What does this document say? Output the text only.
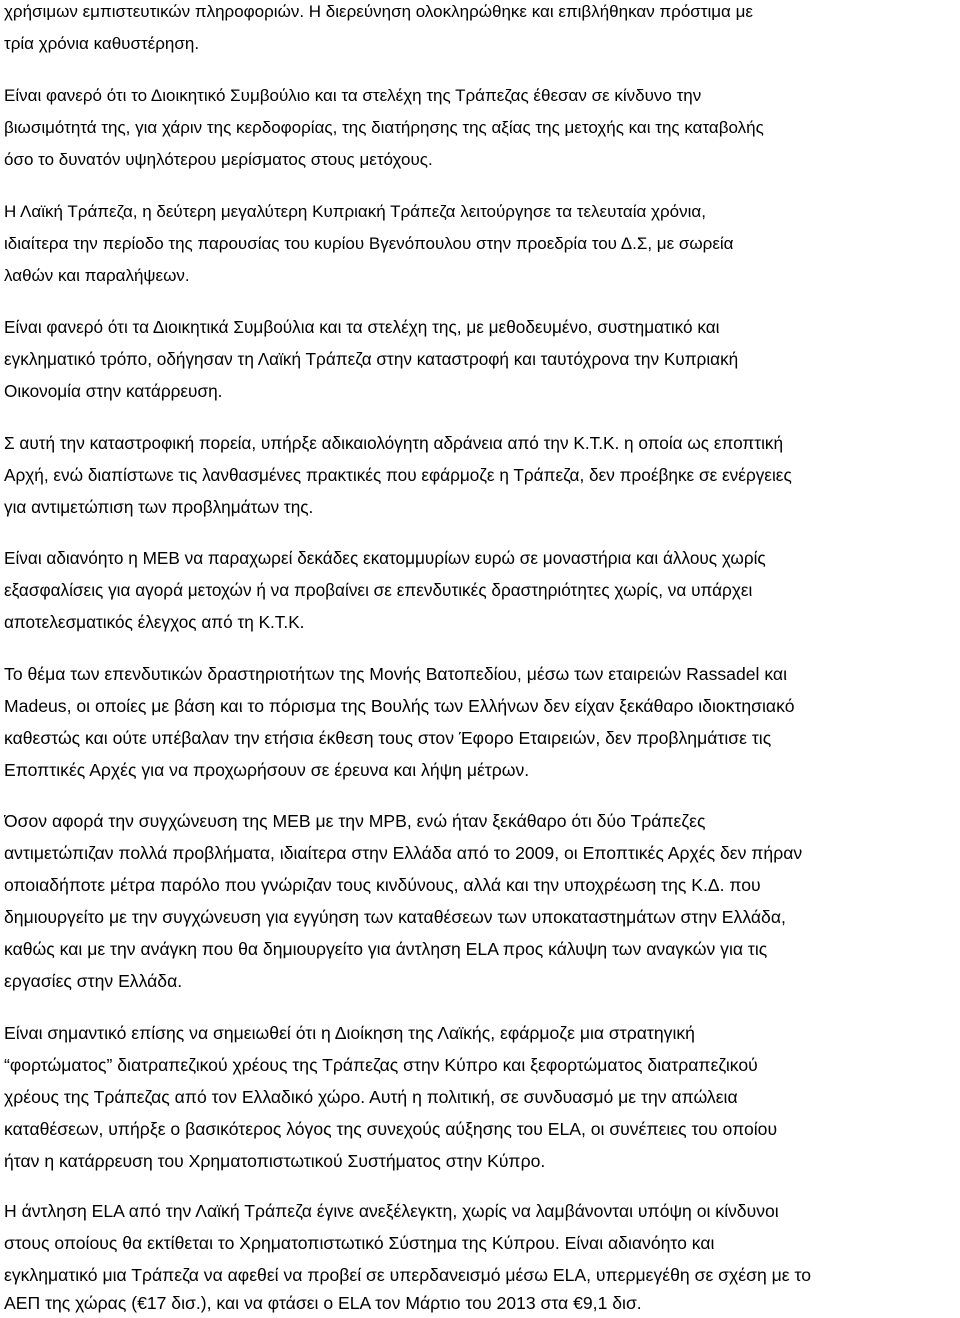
χρήσιμων εμπιστευτικών πληροφοριών. Η διερεύνηση ολοκληρώθηκε και επιβλήθηκαν πρόστιμα με
τρία χρόνια καθυστέρηση.
Είναι φανερό ότι το Διοικητικό Συμβούλιο και τα στελέχη της Τράπεζας έθεσαν σε κίνδυνο την
βιωσιμότητά της, για χάριν της κερδοφορίας, της διατήρησης της αξίας της μετοχής και της καταβολής
όσο το δυνατόν υψηλότερου μερίσματος στους μετόχους.
Η Λαϊκή Τράπεζα, η δεύτερη μεγαλύτερη Κυπριακή Τράπεζα λειτούργησε τα τελευταία χρόνια,
ιδιαίτερα την περίοδο της παρουσίας του κυρίου Βγενόπουλου στην προεδρία του Δ.Σ, με σωρεία
λαθών και παραλήψεων.
Είναι φανερό ότι τα Διοικητικά Συμβούλια και τα στελέχη της, με μεθοδευμένο, συστηματικό και
εγκληματικό τρόπο, οδήγησαν τη Λαϊκή Τράπεζα στην καταστροφή και ταυτόχρονα την Κυπριακή
Οικονομία στην κατάρρευση.
Σ αυτή την καταστροφική πορεία, υπήρξε αδικαιολόγητη αδράνεια από την Κ.Τ.Κ. η οποία ως εποπτική
Αρχή, ενώ διαπίστωνε τις λανθασμένες πρακτικές που εφάρμοζε η Τράπεζα, δεν προέβηκε σε ενέργειες
για αντιμετώπιση των προβλημάτων της.
Είναι αδιανόητο η ΜΕΒ να παραχωρεί δεκάδες εκατομμυρίων ευρώ σε μοναστήρια και άλλους χωρίς
εξασφαλίσεις για αγορά μετοχών ή να προβαίνει σε επενδυτικές δραστηριότητες χωρίς, να υπάρχει
αποτελεσματικός έλεγχος από τη Κ.Τ.Κ.
Το θέμα των επενδυτικών δραστηριοτήτων της Μονής Βατοπεδίου, μέσω των εταιρειών Rassadel και
Madeus, οι οποίες με βάση και το πόρισμα της Βουλής των Ελλήνων δεν είχαν ξεκάθαρο ιδιοκτησιακό
καθεστώς και ούτε υπέβαλαν την ετήσια έκθεση τους στον Έφορο Εταιρειών, δεν προβλημάτισε τις
Εποπτικές Αρχές για να προχωρήσουν σε έρευνα και λήψη μέτρων.
Όσον αφορά την συγχώνευση της ΜΕΒ με την ΜΡΒ, ενώ ήταν ξεκάθαρο ότι δύο Τράπεζες
αντιμετώπιζαν πολλά προβλήματα, ιδιαίτερα στην Ελλάδα από το 2009, οι Εποπτικές Αρχές δεν πήραν
οποιαδήποτε μέτρα παρόλο που γνώριζαν τους κινδύνους, αλλά και την υποχρέωση της Κ.Δ. που
δημιουργείτο με την συγχώνευση για εγγύηση των καταθέσεων των υποκαταστημάτων στην Ελλάδα,
καθώς και με την ανάγκη που θα δημιουργείτο για άντληση ELA προς κάλυψη των αναγκών για τις
εργασίες στην Ελλάδα.
Είναι σημαντικό επίσης να σημειωθεί ότι η Διοίκηση της Λαϊκής, εφάρμοζε μια στρατηγική
“φορτώματος” διατραπεζικού χρέους της Τράπεζας στην Κύπρο και ξεφορτώματος διατραπεζικού
χρέους της Τράπεζας από τον Ελλαδικό χώρο. Αυτή η πολιτική, σε συνδυασμό με την απώλεια
καταθέσεων, υπήρξε ο βασικότερος λόγος της συνεχούς αύξησης του ELA, οι συνέπειες του οποίου
ήταν η κατάρρευση του Χρηματοπιστωτικού Συστήματος στην Κύπρο.
Η άντληση ELA από την Λαϊκή Τράπεζα έγινε ανεξέλεγκτη, χωρίς να λαμβάνονται υπόψη οι κίνδυνοι
στους οποίους θα εκτίθεται το Χρηματοπιστωτικό Σύστημα της Κύπρου. Είναι αδιανόητο και
εγκληματικό μια Τράπεζα να αφεθεί να προβεί σε υπερδανεισμό μέσω ELA, υπερμεγέθη σε σχέση με το
ΑΕΠ της χώρας (€17 δισ.), και να φτάσει ο ELA τον Μάρτιο του 2013 στα €9,1 δισ.
